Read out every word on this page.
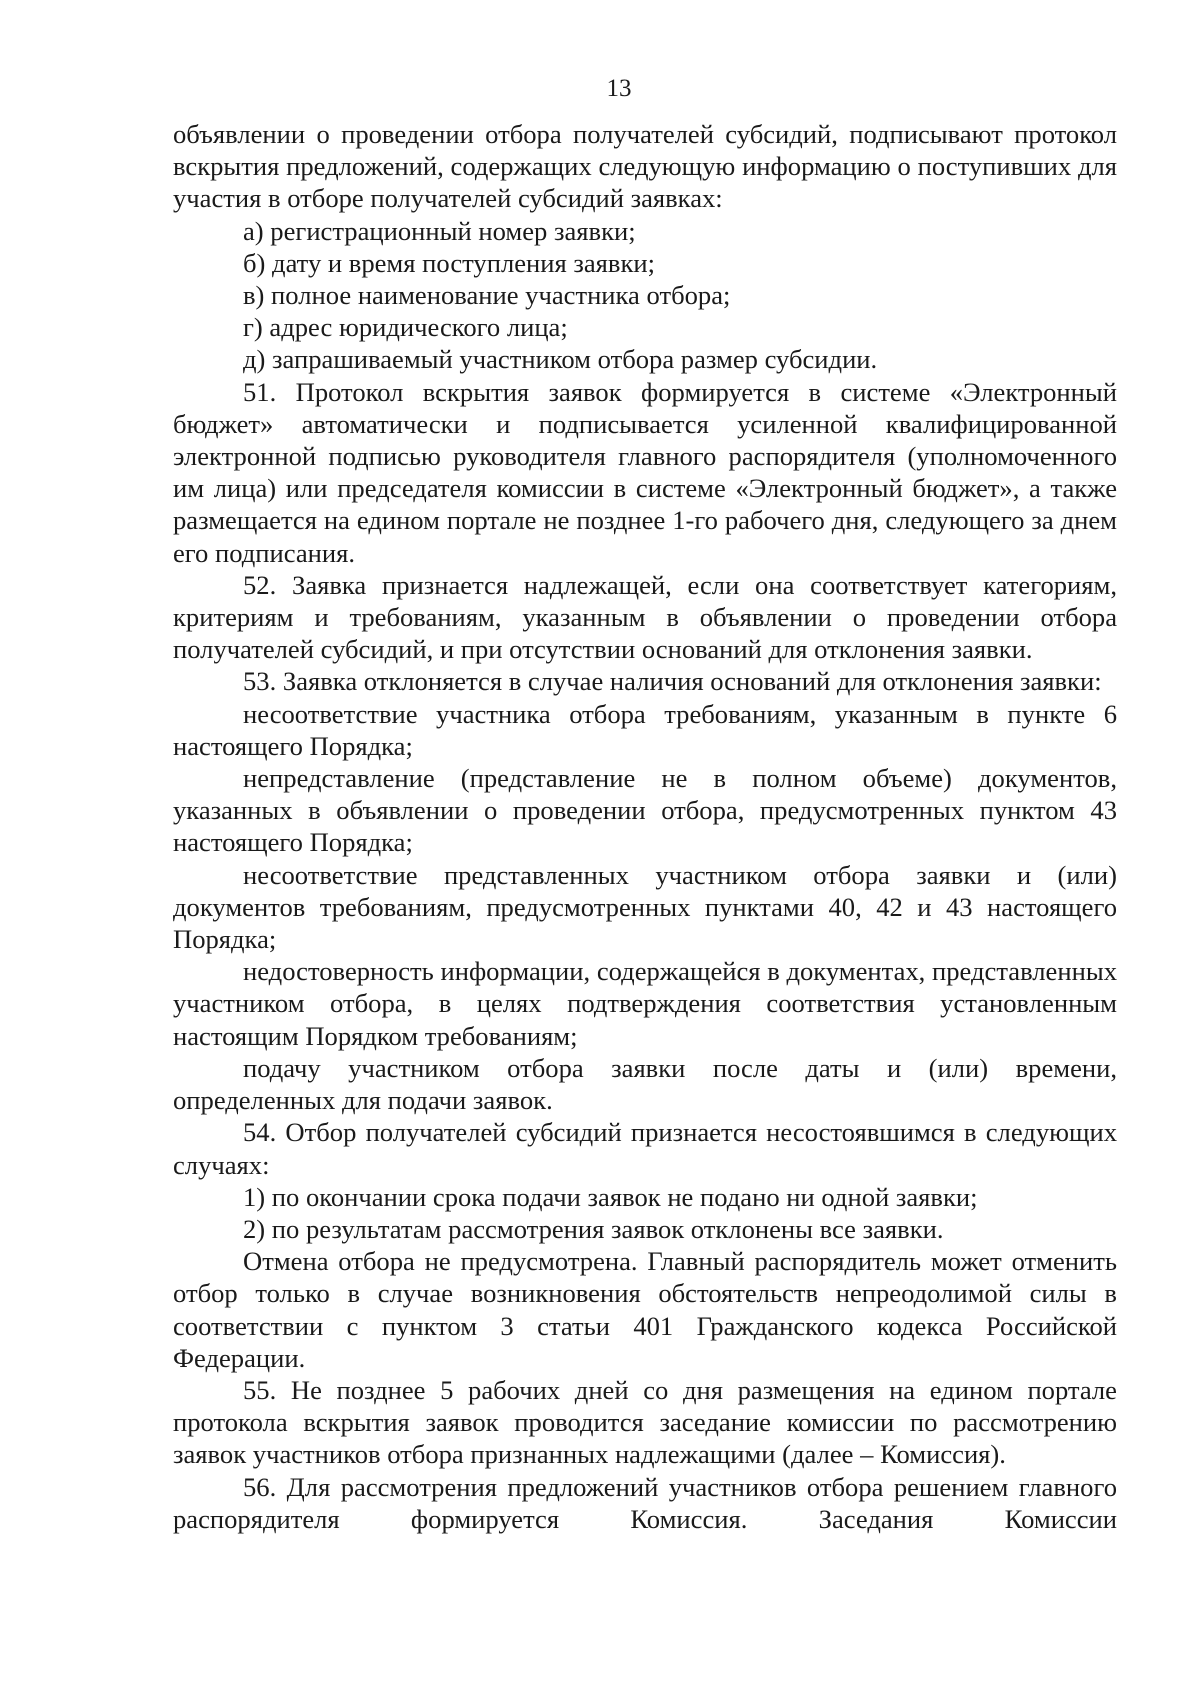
13

объявлении о проведении отбора получателей субсидий, подписывают протокол вскрытия предложений, содержащих следующую информацию о поступивших для участия в отборе получателей субсидий заявках:

а) регистрационный номер заявки;

б) дату и время поступления заявки;

в) полное наименование участника отбора;

г) адрес юридического лица;

д) запрашиваемый участником отбора размер субсидии.

51. Протокол вскрытия заявок формируется в системе «Электронный бюджет» автоматически и подписывается усиленной квалифицированной электронной подписью руководителя главного распорядителя (уполномоченного им лица) или председателя комиссии в системе «Электронный бюджет», а также размещается на едином портале не позднее 1-го рабочего дня, следующего за днем его подписания.

52. Заявка признается надлежащей, если она соответствует категориям, критериям и требованиям, указанным в объявлении о проведении отбора получателей субсидий, и при отсутствии оснований для отклонения заявки.

53. Заявка отклоняется в случае наличия оснований для отклонения заявки:

несоответствие участника отбора требованиям, указанным в пункте 6 настоящего Порядка;

непредставление (представление не в полном объеме) документов, указанных в объявлении о проведении отбора, предусмотренных пунктом 43 настоящего Порядка;

несоответствие представленных участником отбора заявки и (или) документов требованиям, предусмотренных пунктами 40, 42 и 43 настоящего Порядка;

недостоверность информации, содержащейся в документах, представленных участником отбора, в целях подтверждения соответствия установленным настоящим Порядком требованиям;

подачу участником отбора заявки после даты и (или) времени, определенных для подачи заявок.

54. Отбор получателей субсидий признается несостоявшимся в следующих случаях:

1) по окончании срока подачи заявок не подано ни одной заявки;

2) по результатам рассмотрения заявок отклонены все заявки.

Отмена отбора не предусмотрена. Главный распорядитель может отменить отбор только в случае возникновения обстоятельств непреодолимой силы в соответствии с пунктом 3 статьи 401 Гражданского кодекса Российской Федерации.

55. Не позднее 5 рабочих дней со дня размещения на едином портале протокола вскрытия заявок проводится заседание комиссии по рассмотрению заявок участников отбора признанных надлежащими (далее – Комиссия).

56. Для рассмотрения предложений участников отбора решением главного распорядителя формируется Комиссия. Заседания Комиссии
